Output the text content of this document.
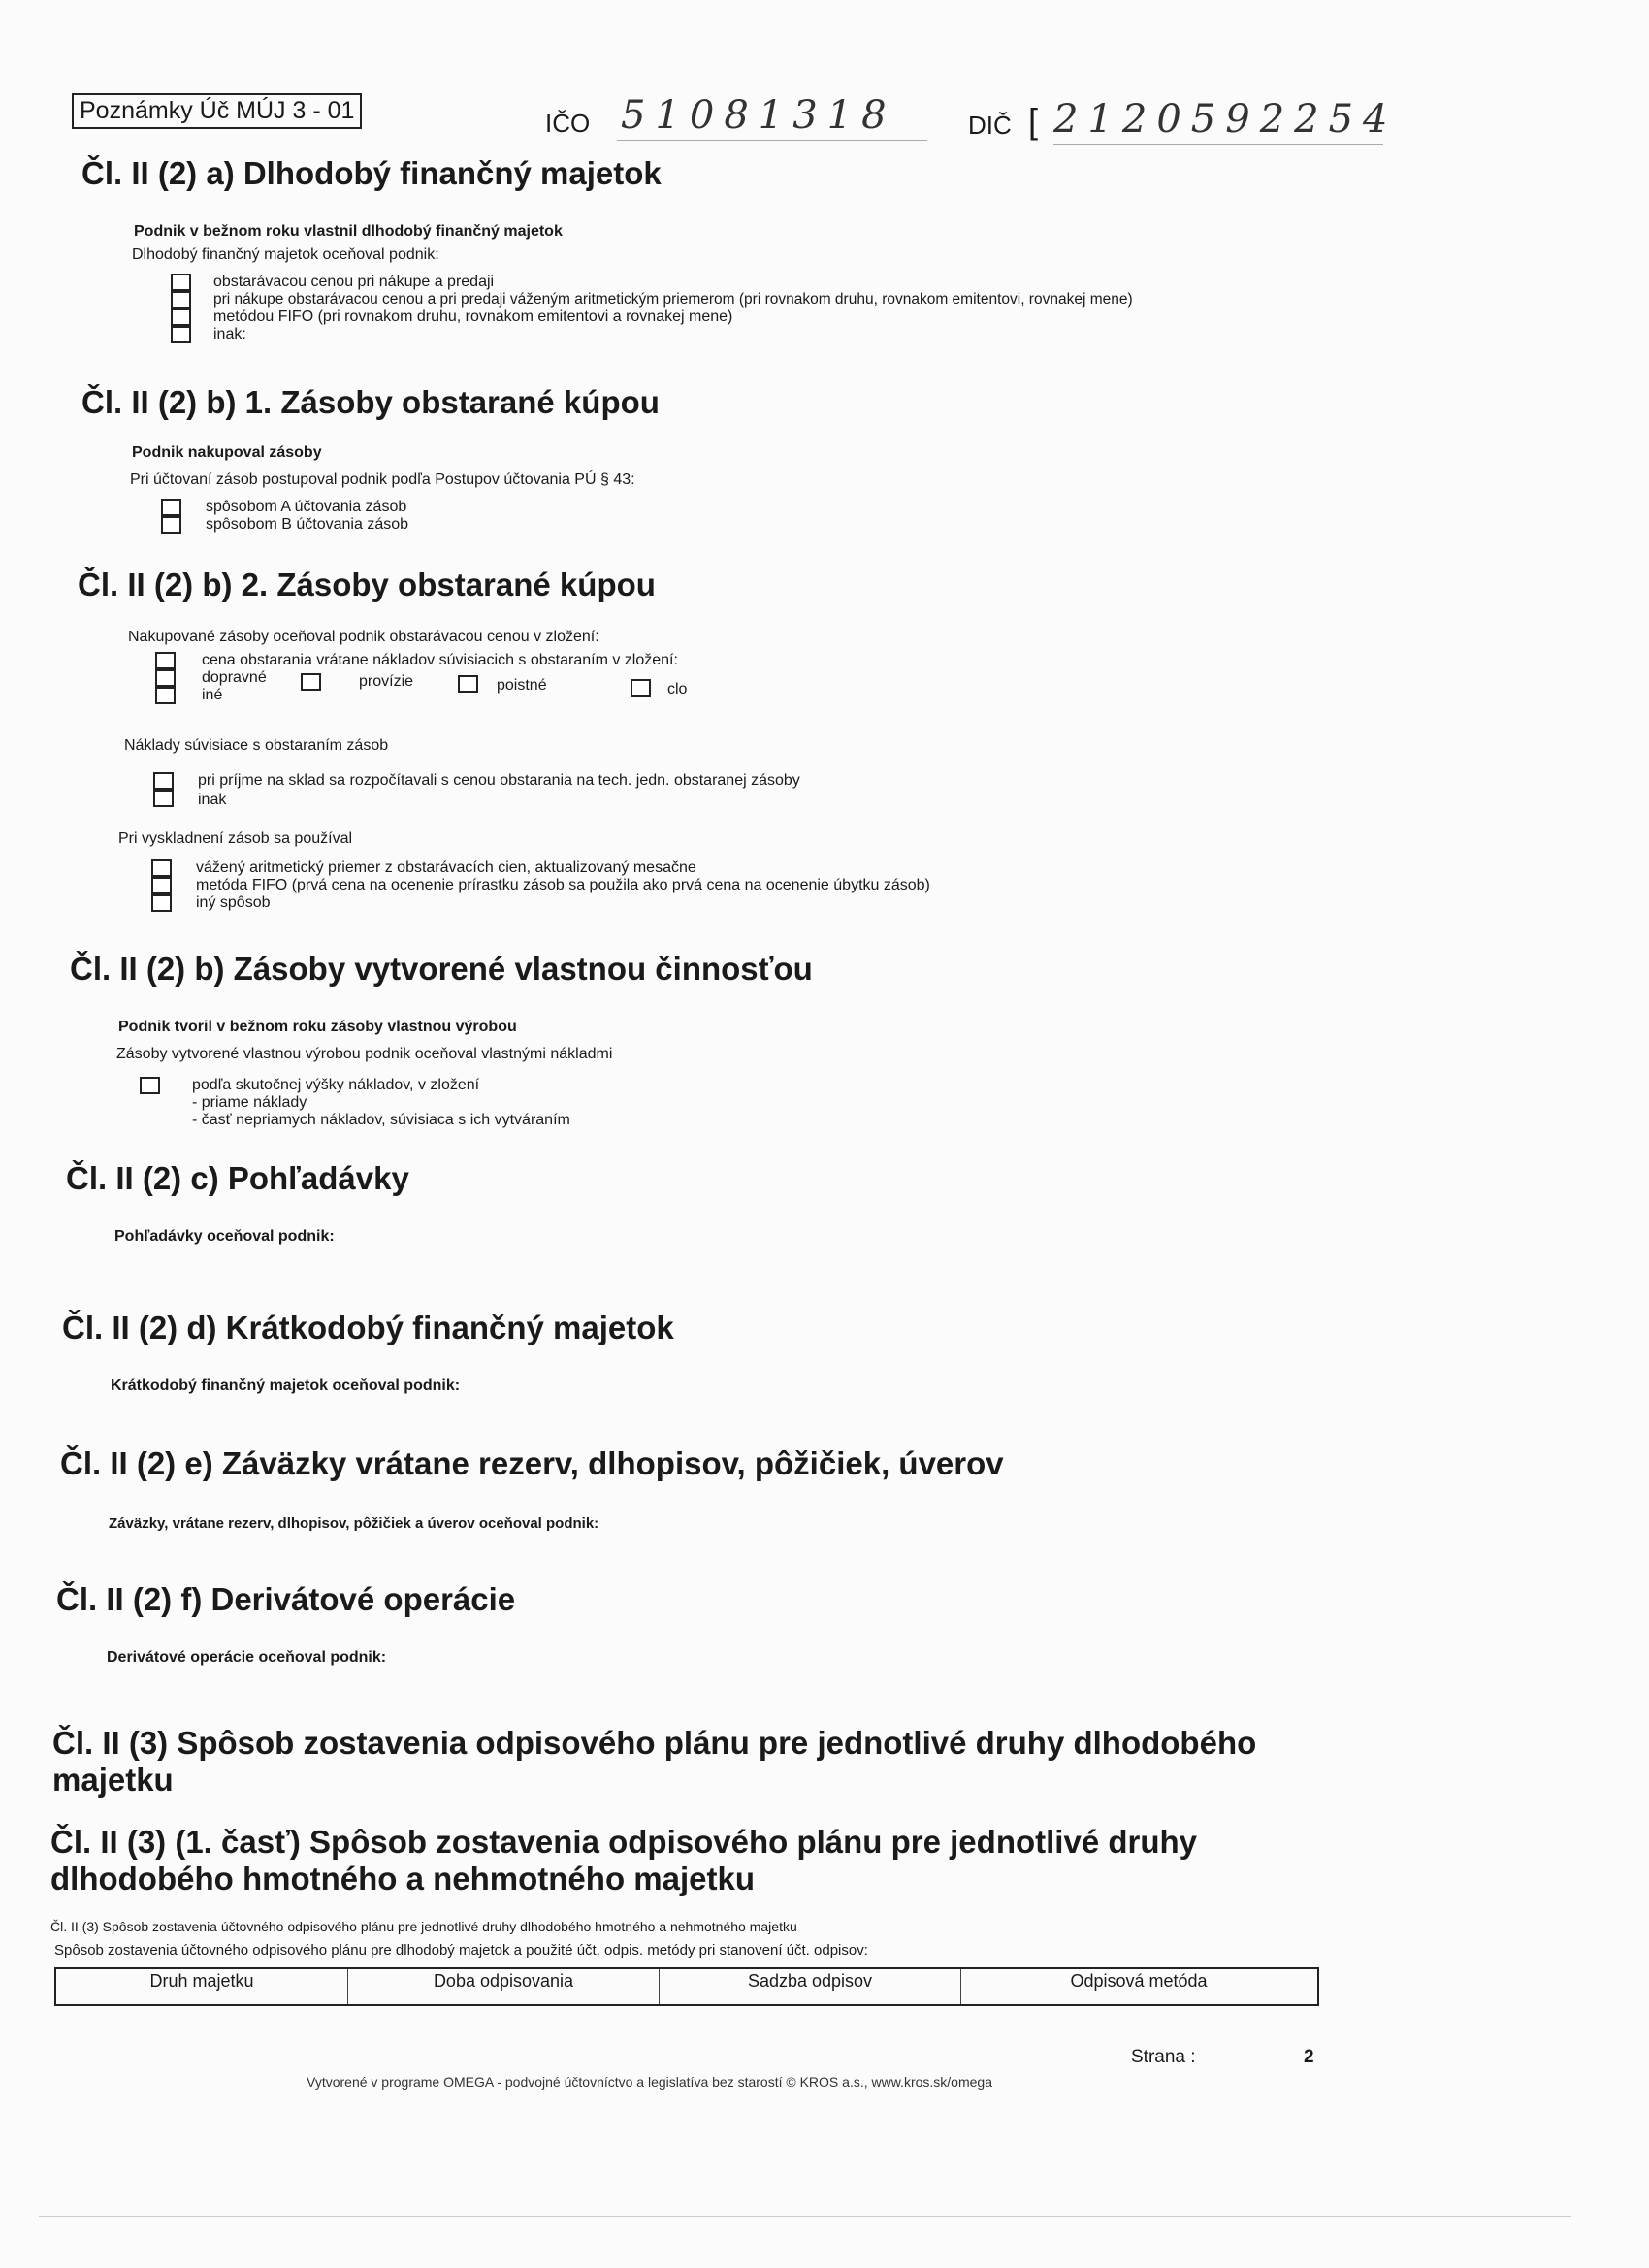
Poznámky Úč MÚJ 3 - 01	IČO 51081318	DIČ [ 2120592254
Čl. II (2) a) Dlhodobý finančný majetok
Podnik v bežnom roku vlastnil dlhodobý finančný majetok
Dlhodobý finančný majetok oceňoval podnik:
obstarávacou cenou pri nákupe a predaji
pri nákupe obstarávacou cenou a pri predaji váženým aritmetickým priemerom (pri rovnakom druhu, rovnakom emitentovi, rovnakej mene)
metódou FIFO (pri rovnakom druhu, rovnakom emitentovi a rovnakej mene)
inak:
Čl. II (2) b) 1. Zásoby obstarané kúpou
Podnik nakupoval zásoby
Pri účtovaní zásob postupoval podnik podľa Postupov účtovania PÚ § 43:
spôsobom A účtovania zásob
spôsobom B účtovania zásob
Čl. II (2) b) 2. Zásoby obstarané kúpou
Nakupované zásoby oceňoval podnik obstarávacou cenou v zložení:
cena obstarania vrátane nákladov súvisiacich s obstaraním v zložení:
dopravné
iné
provízie	poistné	clo
Náklady súvisiace s obstaraním zásob
pri príjme na sklad sa rozpočítavali s cenou obstarania na tech. jedn. obstaranej zásoby
inak
Pri vyskladnení zásob sa používal
vážený aritmetický priemer z obstarávacích cien, aktualizovaný mesačne
metóda FIFO (prvá cena na ocenenie prírastku zásob sa použila ako prvá cena na ocenenie úbytku zásob)
iný spôsob
Čl. II (2) b) Zásoby vytvorené vlastnou činnosťou
Podnik tvoril v bežnom roku zásoby vlastnou výrobou
Zásoby vytvorené vlastnou výrobou podnik oceňoval vlastnými nákladmi
podľa skutočnej výšky nákladov, v zložení
- priame náklady
- časť nepriamych nákladov, súvisiaca s ich vytváraním
Čl. II (2) c) Pohľadávky
Pohľadávky oceňoval podnik:
Čl. II (2) d) Krátkodobý finančný majetok
Krátkodobý finančný majetok oceňoval podnik:
Čl. II (2) e) Záväzky vrátane rezerv, dlhopisov, pôžičiek, úverov
Záväzky, vrátane rezerv, dlhopisov, pôžičiek a úverov oceňoval podnik:
Čl. II (2) f) Derivátové operácie
Derivátové operácie oceňoval podnik:
Čl. II (3) Spôsob zostavenia odpisového plánu pre jednotlivé druhy dlhodobého
majetku
Čl. II (3) (1. časť) Spôsob zostavenia odpisového plánu pre jednotlivé druhy
dlhodobého hmotného a nehmotného majetku
Čl. II (3) Spôsob zostavenia účtovného odpisového plánu pre jednotlivé druhy dlhodobého hmotného a nehmotného majetku
Spôsob zostavenia účtovného odpisového plánu pre dlhodobý majetok a použité účt. odpis. metódy pri stanovení účt. odpisov:
Druh majetku	Doba odpisovania	Sadzba odpisov	Odpisová metóda
Strana :	2
Vytvorené v programe OMEGA - podvojné účtovníctvo a legislatíva bez starostí © KROS a.s., www.kros.sk/omega
